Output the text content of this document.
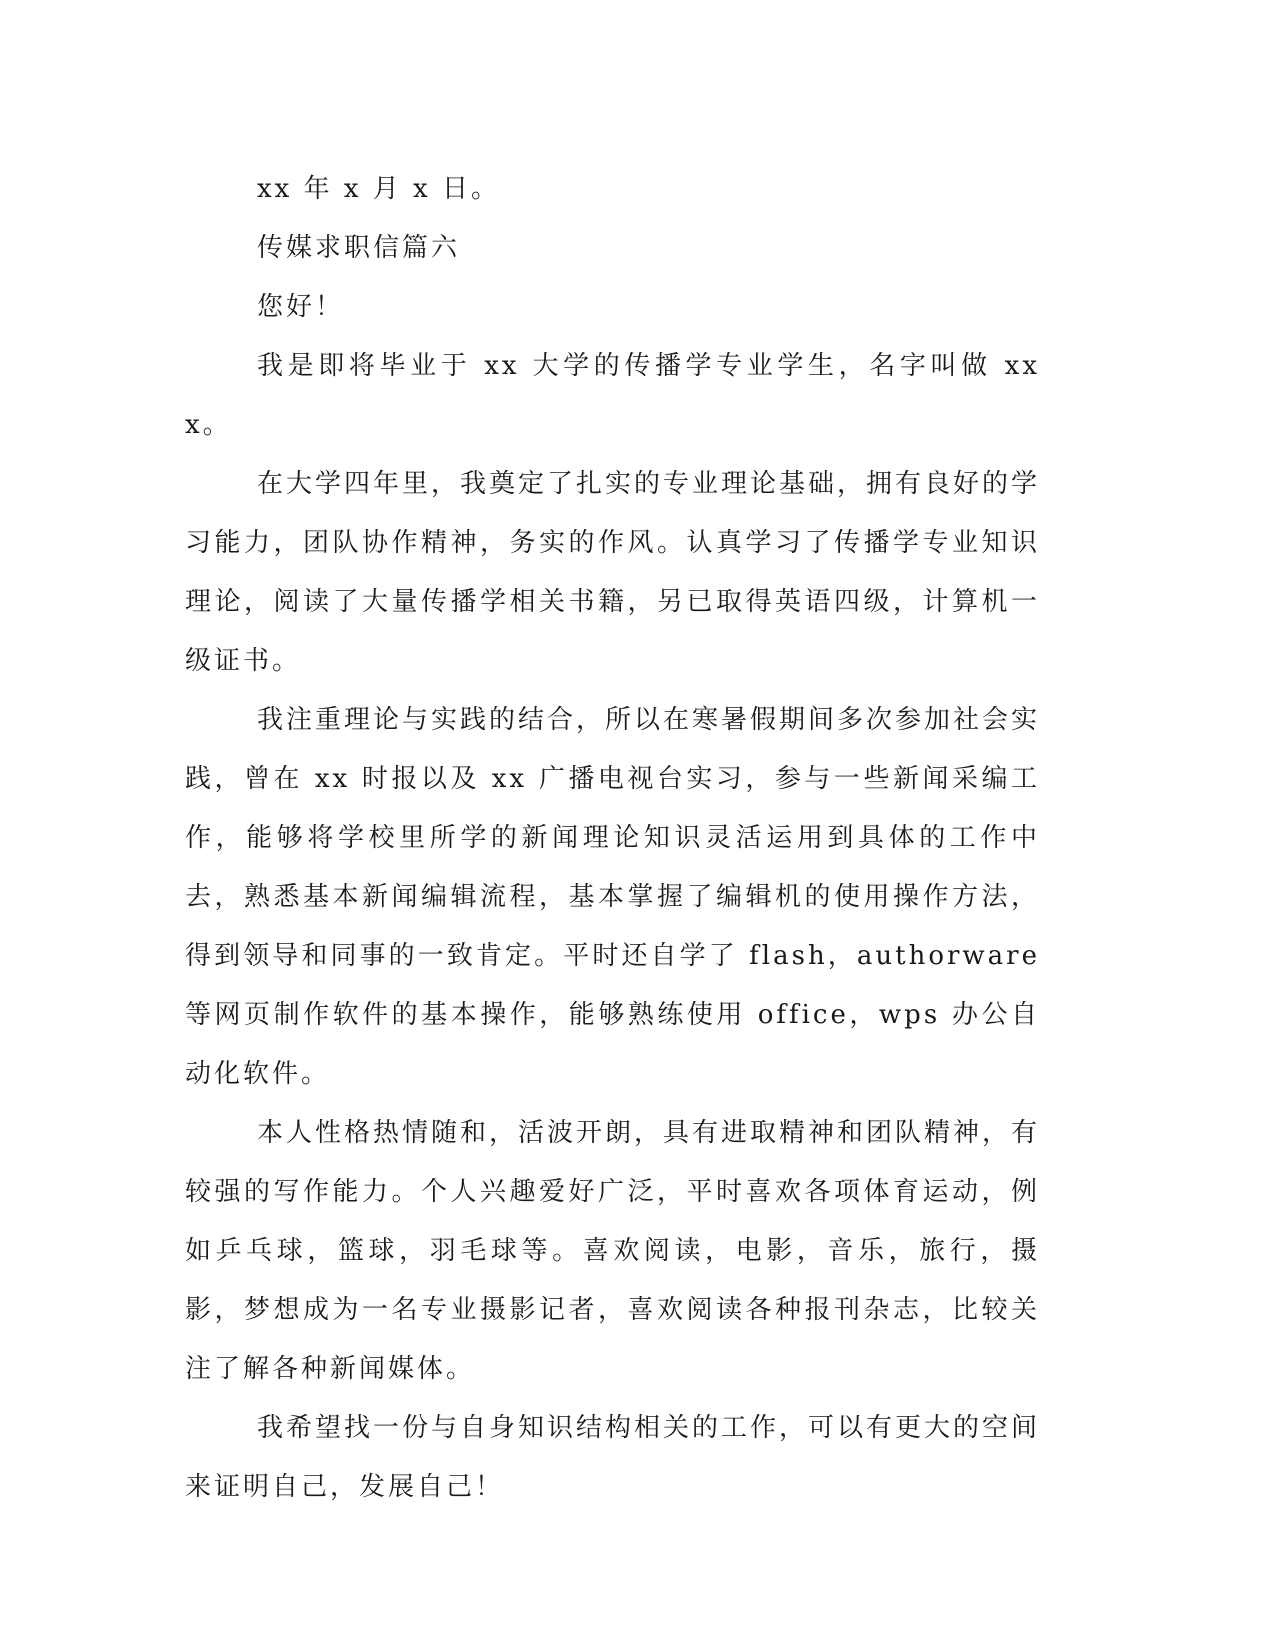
xx 年 x 月 x 日。

传媒求职信篇六

您好！

我是即将毕业于 xx 大学的传播学专业学生，名字叫做 xxx。

在大学四年里，我奠定了扎实的专业理论基础，拥有良好的学习能力，团队协作精神，务实的作风。认真学习了传播学专业知识理论，阅读了大量传播学相关书籍，另已取得英语四级，计算机一级证书。

我注重理论与实践的结合，所以在寒暑假期间多次参加社会实践，曾在 xx 时报以及 xx 广播电视台实习，参与一些新闻采编工作，能够将学校里所学的新闻理论知识灵活运用到具体的工作中去，熟悉基本新闻编辑流程，基本掌握了编辑机的使用操作方法，得到领导和同事的一致肯定。平时还自学了 flash，authorware 等网页制作软件的基本操作，能够熟练使用 office，wps 办公自动化软件。

本人性格热情随和，活波开朗，具有进取精神和团队精神，有较强的写作能力。个人兴趣爱好广泛，平时喜欢各项体育运动，例如乒乓球，篮球，羽毛球等。喜欢阅读，电影，音乐，旅行，摄影，梦想成为一名专业摄影记者，喜欢阅读各种报刊杂志，比较关注了解各种新闻媒体。

我希望找一份与自身知识结构相关的工作，可以有更大的空间来证明自己，发展自己！
